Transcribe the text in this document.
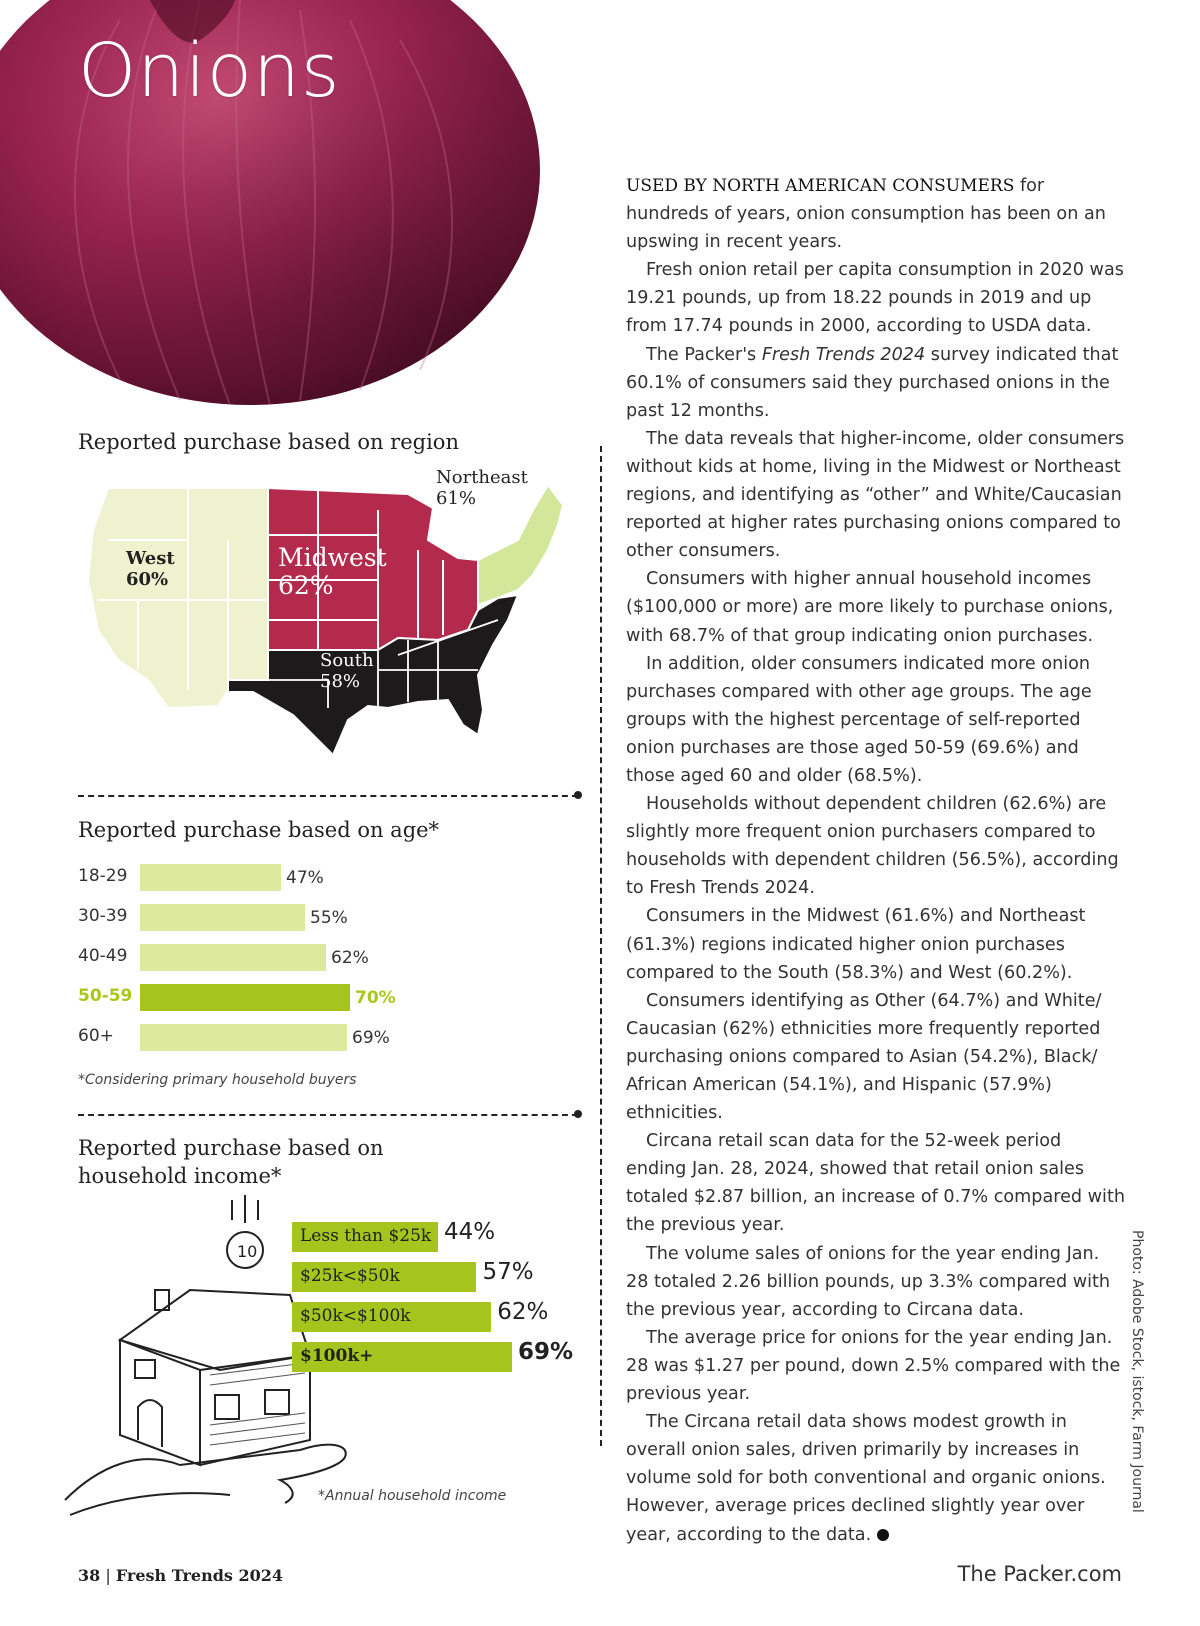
Onions
Reported purchase based on region
Northeast
61%
West
60%
Midwest
62%
South
58%
Reported purchase based on age*
18-29	47%
30-39	55%
40-49	62%
50-59	70%
60+	69%
*Considering primary household buyers
Reported purchase based on
household income*
10
Less than $25k 44%
$25k<$50k	57%
$50k<$100k	62%
$100k+	69%
*Annual household income

USED BY NORTH AMERICAN CONSUMERS for hundreds of years, onion consumption has been on an upswing in recent years.

Fresh onion retail per capita consumption in 2020 was 19.21 pounds, up from 18.22 pounds in 2019 and up from 17.74 pounds in 2000, according to USDA data.

The Packer's Fresh Trends 2024 survey indicated that 60.1% of consumers said they purchased onions in the past 12 months.

The data reveals that higher-income, older consumers without kids at home, living in the Midwest or Northeast regions, and identifying as “other” and White/Caucasian reported at higher rates purchasing onions compared to other consumers.

Consumers with higher annual household incomes ($100,000 or more) are more likely to purchase onions, with 68.7% of that group indicating onion purchases.

In addition, older consumers indicated more onion purchases compared with other age groups. The age groups with the highest percentage of self-reported onion purchases are those aged 50-59 (69.6%) and those aged 60 and older (68.5%).

Households without dependent children (62.6%) are slightly more frequent onion purchasers compared to households with dependent children (56.5%), according to Fresh Trends 2024.

Consumers in the Midwest (61.6%) and Northeast (61.3%) regions indicated higher onion purchases compared to the South (58.3%) and West (60.2%).

Consumers identifying as Other (64.7%) and White/ Caucasian (62%) ethnicities more frequently reported purchasing onions compared to Asian (54.2%), Black/ African American (54.1%), and Hispanic (57.9%) ethnicities.

Circana retail scan data for the 52-week period ending Jan. 28, 2024, showed that retail onion sales totaled $2.87 billion, an increase of 0.7% compared with the previous year.

The volume sales of onions for the year ending Jan. 28 totaled 2.26 billion pounds, up 3.3% compared with the previous year, according to Circana data.

The average price for onions for the year ending Jan. 28 was $1.27 per pound, down 2.5% compared with the previous year.

The Circana retail data shows modest growth in overall onion sales, driven primarily by increases in volume sold for both conventional and organic onions. However, average prices declined slightly year over year, according to the data.	FT

Photo: Adobe Stock, istock, Farm Journal
38 | Fresh Trends 2024	The Packer.com
